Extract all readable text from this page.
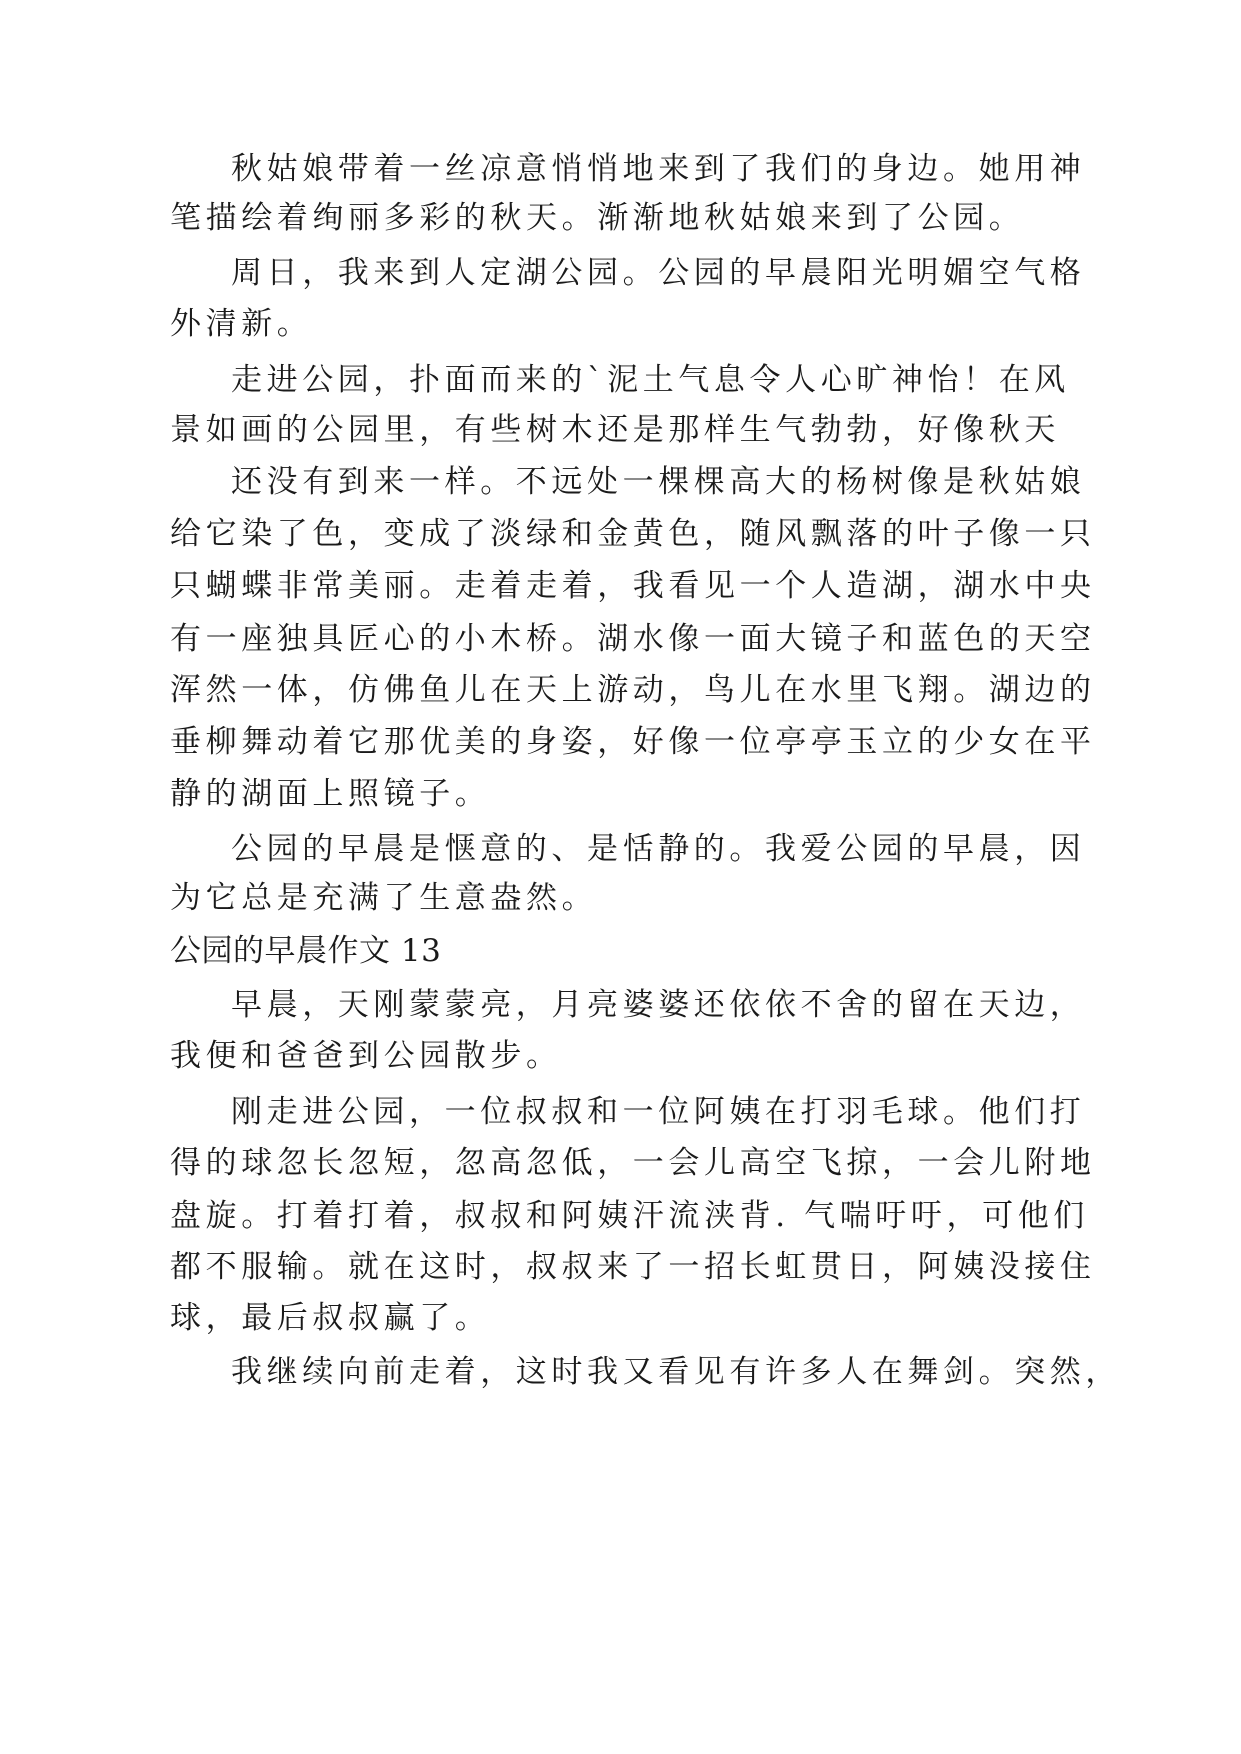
秋姑娘带着一丝凉意悄悄地来到了我们的身边。她用神
笔描绘着绚丽多彩的秋天。渐渐地秋姑娘来到了公园。
周日，我来到人定湖公园。公园的早晨阳光明媚空气格
外清新。
走进公园，扑面而来的`泥土气息令人心旷神怡！在风
景如画的公园里，有些树木还是那样生气勃勃，好像秋天
还没有到来一样。不远处一棵棵高大的杨树像是秋姑娘
给它染了色，变成了淡绿和金黄色，随风飘落的叶子像一只
只蝴蝶非常美丽。走着走着，我看见一个人造湖，湖水中央
有一座独具匠心的小木桥。湖水像一面大镜子和蓝色的天空
浑然一体，仿佛鱼儿在天上游动，鸟儿在水里飞翔。湖边的
垂柳舞动着它那优美的身姿，好像一位亭亭玉立的少女在平
静的湖面上照镜子。
公园的早晨是惬意的、是恬静的。我爱公园的早晨，因
为它总是充满了生意盎然。
公园的早晨作文 13
早晨，天刚蒙蒙亮，月亮婆婆还依依不舍的留在天边，
我便和爸爸到公园散步。
刚走进公园，一位叔叔和一位阿姨在打羽毛球。他们打
得的球忽长忽短，忽高忽低，一会儿高空飞掠，一会儿附地
盘旋。打着打着，叔叔和阿姨汗流浃背. 气喘吁吁，可他们
都不服输。就在这时，叔叔来了一招长虹贯日，阿姨没接住
球，最后叔叔赢了。
我继续向前走着，这时我又看见有许多人在舞剑。突然，
